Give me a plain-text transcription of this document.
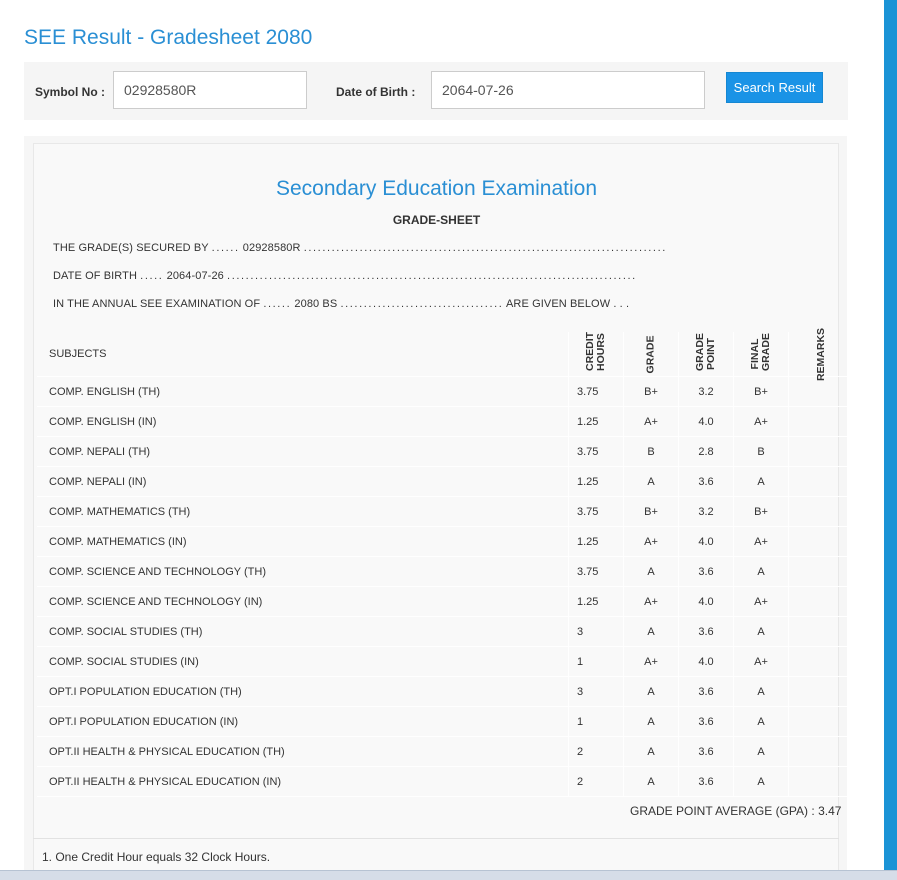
SEE Result - Gradesheet 2080
Symbol No :
02928580R	Date of Birth :
2064-07-26	Search Result
Secondary Education Examination
GRADE-SHEET
THE GRADE(S) SECURED BY ...... 02928580R ..............................................................................
DATE OF BIRTH ..... 2064-07-26 ........................................................................................
IN THE ANNUAL SEE EXAMINATION OF ...... 2080 BS ................................... ARE GIVEN BELOW . . .
SUBJECTS	CREDIT HOURS	GRADE	GRADE POINT	FINAL GRADE	REMARKS
COMP. ENGLISH (TH)	3.75	B+	3.2	B+	
COMP. ENGLISH (IN)	1.25	A+	4.0	A+	
COMP. NEPALI (TH)	3.75	B	2.8	B	
COMP. NEPALI (IN)	1.25	A	3.6	A	
COMP. MATHEMATICS (TH)	3.75	B+	3.2	B+	
COMP. MATHEMATICS (IN)	1.25	A+	4.0	A+	
COMP. SCIENCE AND TECHNOLOGY (TH)	3.75	A	3.6	A	
COMP. SCIENCE AND TECHNOLOGY (IN)	1.25	A+	4.0	A+	
COMP. SOCIAL STUDIES (TH)	3	A	3.6	A	
COMP. SOCIAL STUDIES (IN)	1	A+	4.0	A+	
OPT.I POPULATION EDUCATION (TH)	3	A	3.6	A	
OPT.I POPULATION EDUCATION (IN)	1	A	3.6	A	
OPT.II HEALTH & PHYSICAL EDUCATION (TH)	2	A	3.6	A	
OPT.II HEALTH & PHYSICAL EDUCATION (IN)	2	A	3.6	A	
GRADE POINT AVERAGE (GPA) : 3.47
1. One Credit Hour equals 32 Clock Hours.
